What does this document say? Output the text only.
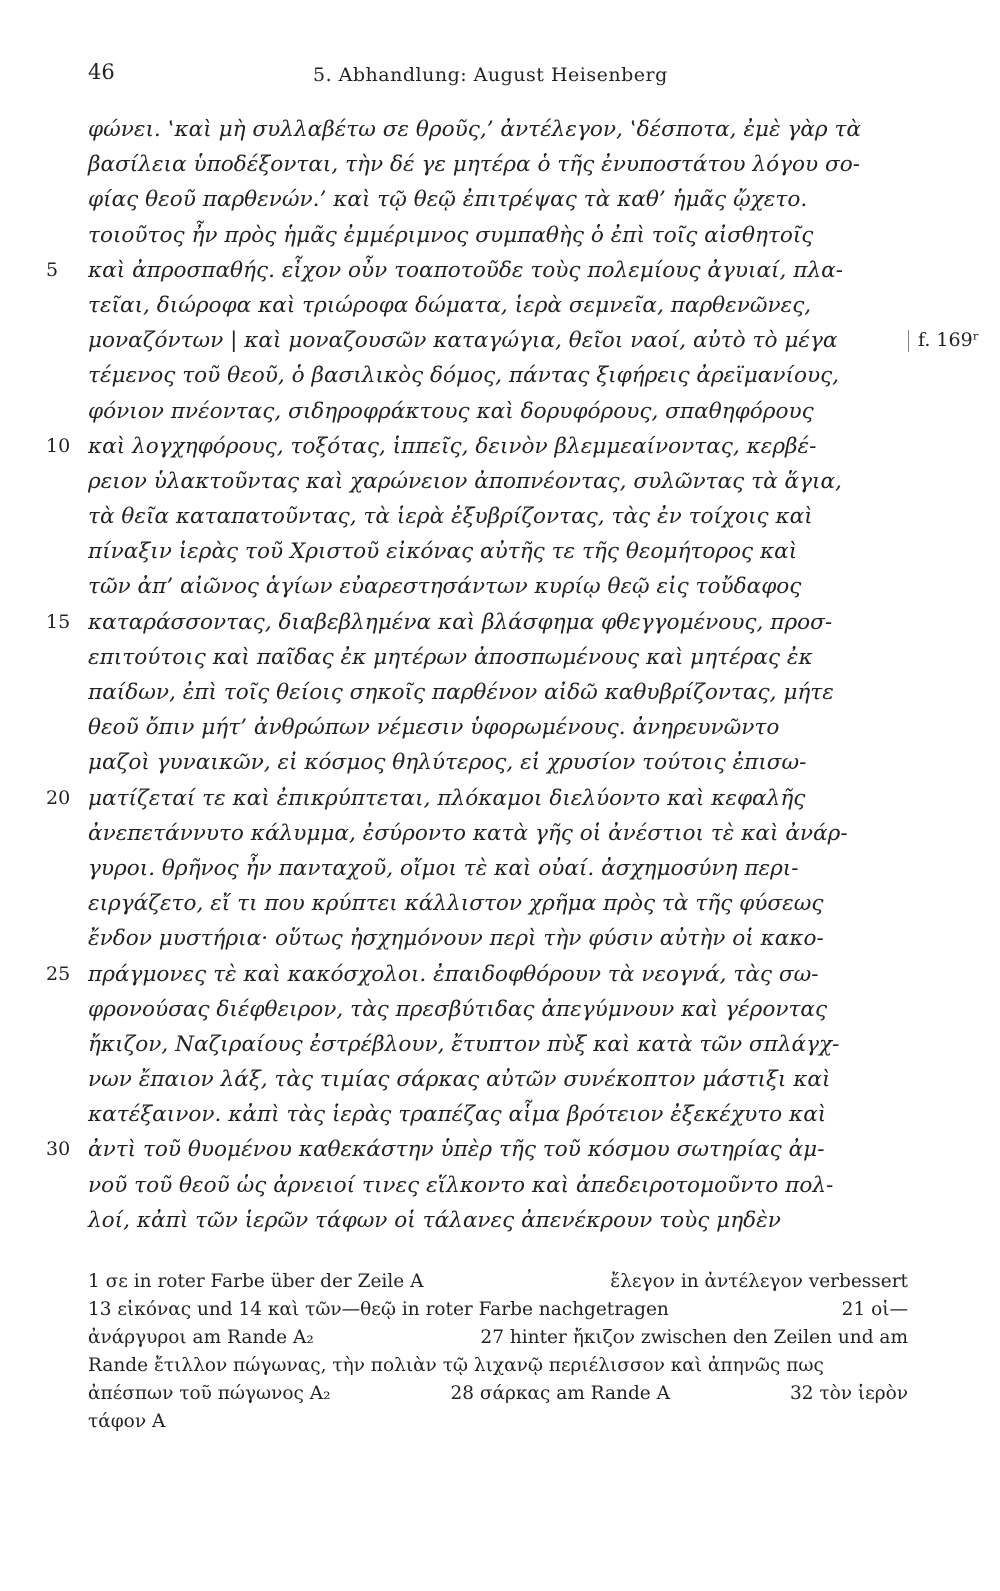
46	5. Abhandlung: August Heisenberg
φώνει. ‛καὶ μὴ συλλαβέτω σε θροῦς,’ ἀντέλεγον, ‛δέσποτα, ἐμὲ γὰρ τὰ
βασίλεια ὑποδέξονται, τὴν δέ γε μητέρα ὁ τῆς ἐνυποστάτου λόγου σο-
φίας θεοῦ παρθενών.’ καὶ τῷ θεῷ ἐπιτρέψας τὰ καθ’ ἡμᾶς ᾤχετο.
τοιοῦτος ἦν πρὸς ἡμᾶς ἐμμέριμνος συμπαθὴς ὁ ἐπὶ τοῖς αἰσθητοῖς
5 καὶ ἀπροσπαθής. εἶχον οὖν τοαποτοῦδε τοὺς πολεμίους ἀγυιαί, πλα-
τεῖαι, διώροφα καὶ τριώροφα δώματα, ἱερὰ σεμνεῖα, παρθενῶνες,
μοναζόντων | καὶ μοναζουσῶν καταγώγια, θεῖοι ναοί, αὐτὸ τὸ μέγα	f. 169ʳ
τέμενος τοῦ θεοῦ, ὁ βασιλικὸς δόμος, πάντας ξιφήρεις ἀρεϊμανίους,
φόνιον πνέοντας, σιδηροφράκτους καὶ δορυφόρους, σπαθηφόρους
10 καὶ λογχηφόρους, τοξότας, ἱππεῖς, δεινὸν βλεμμεαίνοντας, κερβέ-
ρειον ὑλακτοῦντας καὶ χαρώνειον ἀποπνέοντας, συλῶντας τὰ ἅγια,
τὰ θεῖα καταπατοῦντας, τὰ ἱερὰ ἐξυβρίζοντας, τὰς ἐν τοίχοις καὶ
πίναξιν ἱερὰς τοῦ Χριστοῦ εἰκόνας αὐτῆς τε τῆς θεομήτορος καὶ
τῶν ἀπ’ αἰῶνος ἁγίων εὐαρεστησάντων κυρίῳ θεῷ εἰς τοὔδαφος
15 καταράσσοντας, διαβεβλημένα καὶ βλάσφημα φθεγγομένους, προσ-
επιτούτοις καὶ παῖδας ἐκ μητέρων ἀποσπωμένους καὶ μητέρας ἐκ
παίδων, ἐπὶ τοῖς θείοις σηκοῖς παρθένον αἰδῶ καθυβρίζοντας, μήτε
θεοῦ ὄπιν μήτ’ ἀνθρώπων νέμεσιν ὑφορωμένους. ἀνηρευνῶντο
μαζοὶ γυναικῶν, εἰ κόσμος θηλύτερος, εἰ χρυσίον τούτοις ἐπισω-
20 ματίζεταί τε καὶ ἐπικρύπτεται, πλόκαμοι διελύοντο καὶ κεφαλῆς
ἀνεπετάννυτο κάλυμμα, ἐσύροντο κατὰ γῆς οἱ ἀνέστιοι τὲ καὶ ἀνάρ-
γυροι. θρῆνος ἦν πανταχοῦ, οἴμοι τὲ καὶ οὐαί. ἀσχημοσύνη περι-
ειργάζετο, εἴ τι που κρύπτει κάλλιστον χρῆμα πρὸς τὰ τῆς φύσεως
ἔνδον μυστήρια· οὕτως ἠσχημόνουν περὶ τὴν φύσιν αὐτὴν οἱ κακο-
25 πράγμονες τὲ καὶ κακόσχολοι. ἐπαιδοφθόρουν τὰ νεογνά, τὰς σω-
φρονούσας διέφθειρον, τὰς πρεσβύτιδας ἀπεγύμνουν καὶ γέροντας
ἤκιζον, Ναζιραίους ἐστρέβλουν, ἔτυπτον πὺξ καὶ κατὰ τῶν σπλάγχ-
νων ἔπαιον λάξ, τὰς τιμίας σάρκας αὐτῶν συνέκοπτον μάστιξι καὶ
κατέξαινον. κἀπὶ τὰς ἱερὰς τραπέζας αἷμα βρότειον ἐξεκέχυτο καὶ
30 ἀντὶ τοῦ θυομένου καθεκάστην ὑπὲρ τῆς τοῦ κόσμου σωτηρίας ἀμ-
νοῦ τοῦ θεοῦ ὡς ἀρνειοί τινες εἵλκοντο καὶ ἀπεδειροτομοῦντο πολ-
λοί, κἀπὶ τῶν ἱερῶν τάφων οἱ τάλανες ἀπενέκρουν τοὺς μηδὲν
1 σε in roter Farbe über der Zeile A	ἔλεγον in ἀντέλεγον verbessert
13 εἰκόνας und 14 καὶ τῶν—θεῷ in roter Farbe nachgetragen	21 οἱ—
ἀνάργυροι am Rande A₂	27 hinter ἤκιζον zwischen den Zeilen und am
Rande ἔτιλλον πώγωνας, τὴν πολιὰν τῷ λιχανῷ περιέλισσον καὶ ἀπηνῶς πως
ἀπέσπων τοῦ πώγωνος A₂	28 σάρκας am Rande A	32 τὸν ἱερὸν
τάφον A
